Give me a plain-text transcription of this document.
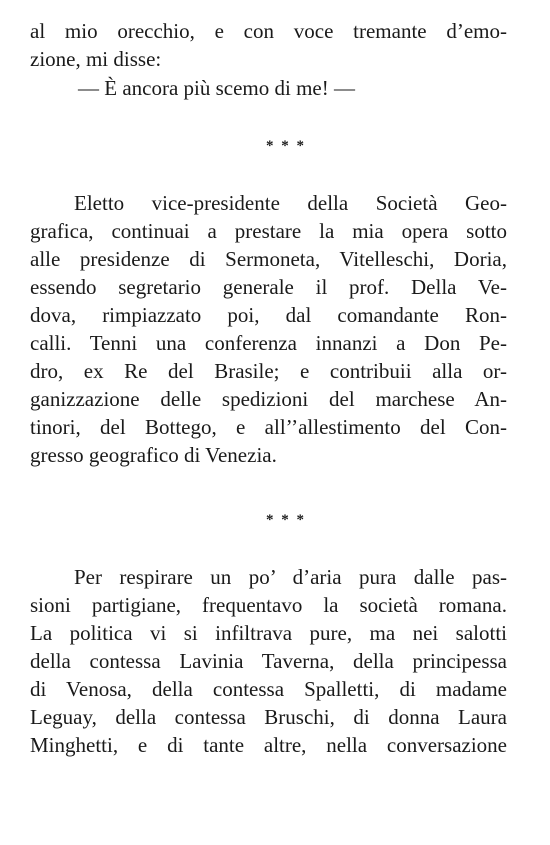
al mio orecchio, e con voce tremante d’emo-
zione, mi disse:
— È ancora più scemo di me! —
* * *
Eletto vice-presidente della Società Geo-
grafica, continuai a prestare la mia opera sotto
alle presidenze di Sermoneta, Vitelleschi, Doria,
essendo segretario generale il prof. Della Ve-
dova, rimpiazzato poi, dal comandante Ron-
calli. Tenni una conferenza innanzi a Don Pe-
dro, ex Re del Brasile; e contribuii alla or-
ganizzazione delle spedizioni del marchese An-
tinori, del Bottego, e all’’allestimento del Con-
gresso geografico di Venezia.
* * *
Per respirare un po’ d’aria pura dalle pas-
sioni partigiane, frequentavo la società romana.
La politica vi si infiltrava pure, ma nei salotti
della contessa Lavinia Taverna, della principessa
di Venosa, della contessa Spalletti, di madame
Leguay, della contessa Bruschi, di donna Laura
Minghetti, e di tante altre, nella conversazione
